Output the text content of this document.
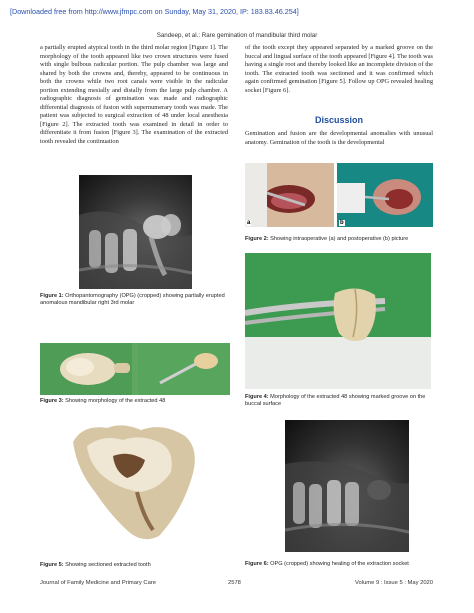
[Downloaded free from http://www.jfmpc.com on Sunday, May 31, 2020, IP: 183.83.46.254]
Sandeep, et al.: Rare gemination of mandibular third molar
a partially erupted atypical tooth in the third molar region [Figure 1]. The morphology of the tooth appeared like two crown structures were fused with single bulbous radicular portion. The pulp chamber was large and shared by both the crowns and, thereby, appeared to be continuous in both the crowns while two root canals were visible in the radicular portion extending mesially and distally from the large pulp chamber. A radiographic diagnosis of gemination was made and radiographic differential diagnosis of fusion with supernumerary tooth was made. The patient was subjected to surgical extraction of 48 under local anesthesia [Figure 2]. The extracted tooth was examined in detail in order to differentiate it from fusion [Figure 3]. The examination of the extracted tooth revealed the continuation
of the tooth except they appeared separated by a marked groove on the buccal and lingual surface of the tooth appeared [Figure 4]. The tooth was having a single root and thereby looked like an incomplete division of the tooth. The extracted tooth was sectioned and it was confirmed which again confirmed gemination [Figure 5]. Follow up OPG revealed healing socket [Figure 6].
Discussion
Gemination and fusion are the developmental anomalies with unusual anatomy. Gemination of the tooth is the developmental
Figure 1: Orthopantomography (OPG) (cropped) showing partially erupted anomalous mandibular right 3rd molar
Figure 3: Showing morphology of the extracted 48
Figure 5: Showing sectioned extracted tooth
a	b
Figure 2: Showing intraoperative (a) and postoperative (b) picture
Figure 4: Morphology of the extracted 48 showing marked groove on the buccal surface
Figure 6: OPG (cropped) showing healing of the extraction socket
Journal of Family Medicine and Primary Care	2578	Volume 9 : Issue 5 : May 2020
